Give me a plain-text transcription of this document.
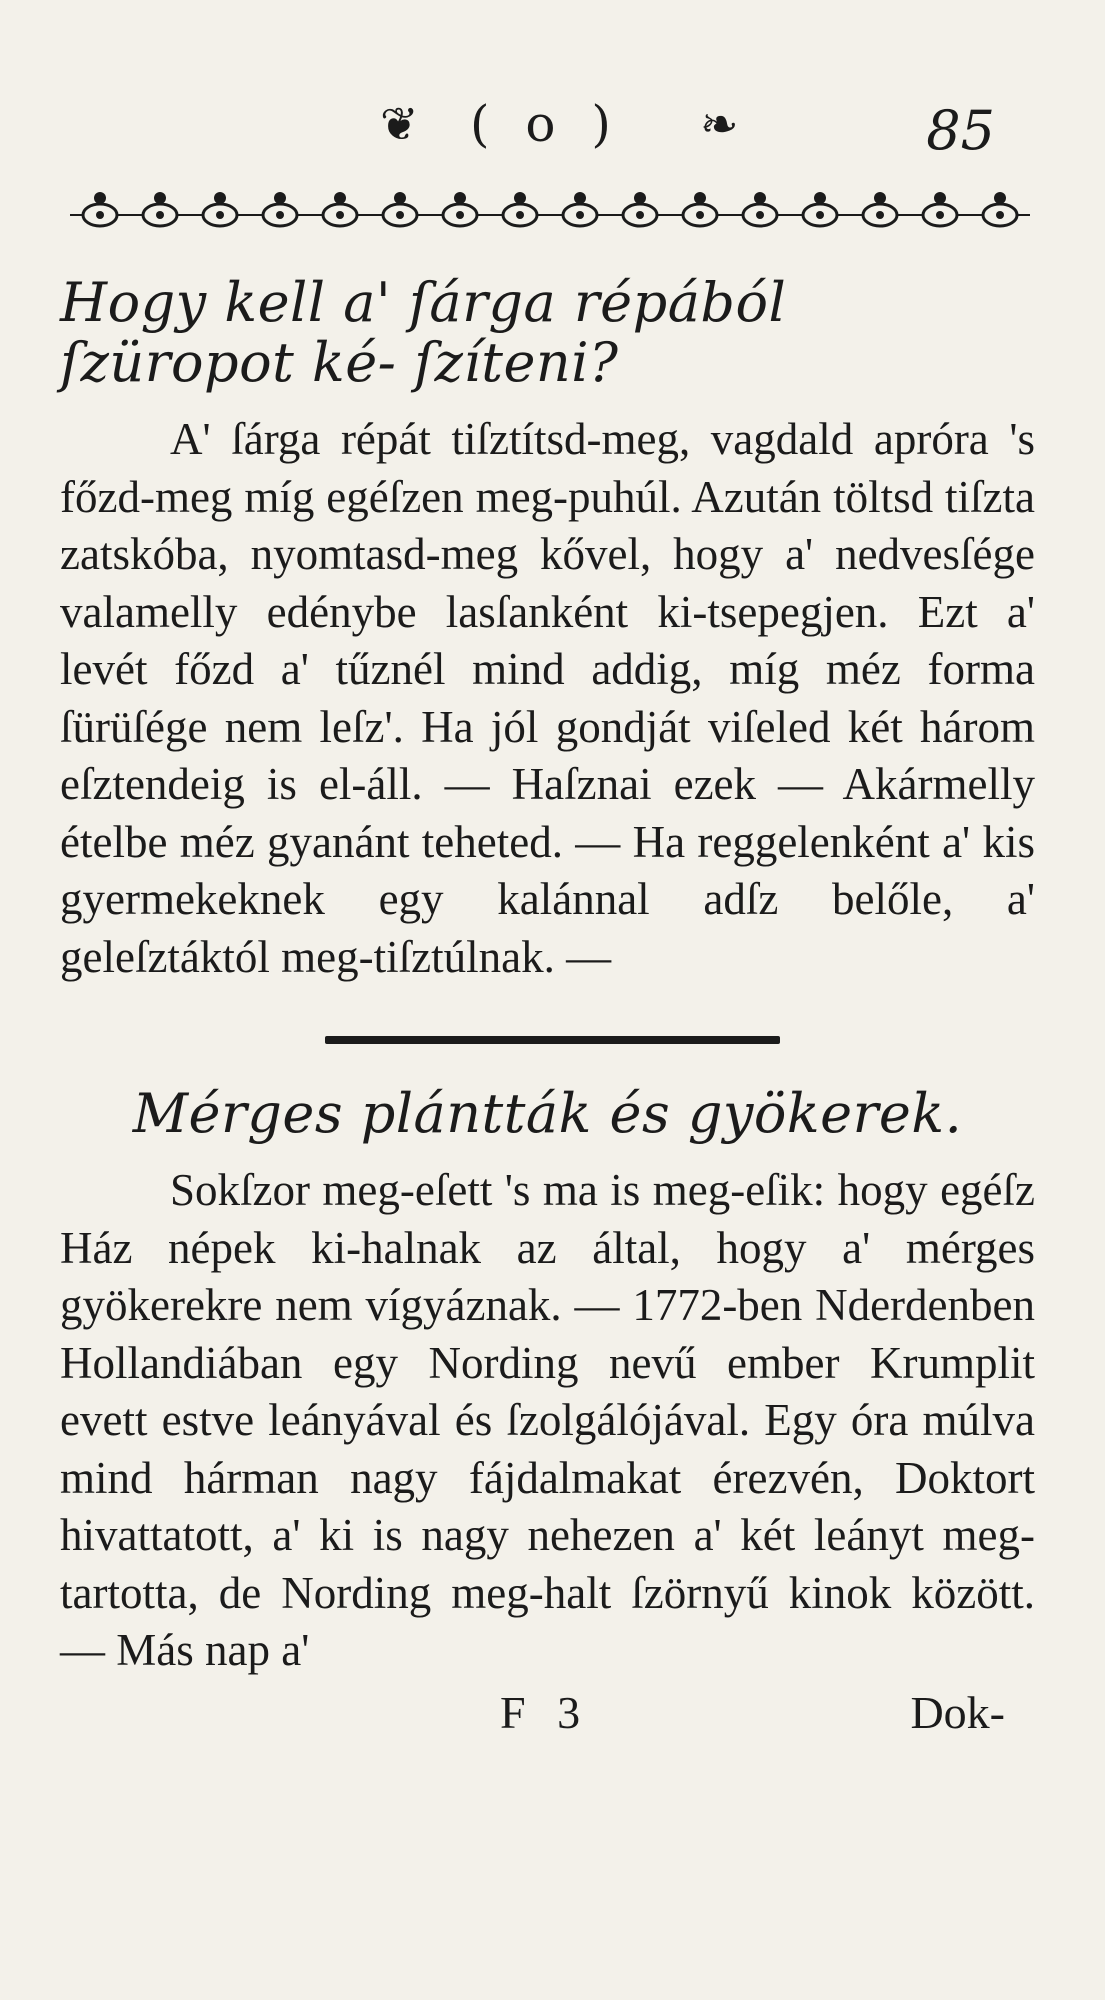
❦ ( o ) ❧	85
Hogy kell a' ſárga répából ſzüropot ké- ſzíteni?

A' ſárga répát tiſztítsd-meg, vagdald apróra 's főzd-meg míg egéſzen meg-puhúl. Azután töltsd tiſzta zatskóba, nyomtasd-meg kővel, hogy a' nedvesſége valamelly edénybe lasſanként ki-tsepegjen. Ezt a' levét főzd a' tűznél mind addig, míg méz forma ſürüſége nem leſz'. Ha jól gondját viſeled két három eſztendeig is el-áll. — Haſznai ezek — Akármelly ételbe méz gyanánt teheted. — Ha reggelenként a' kis gyermekeknek egy kalánnal adſz belőle, a' geleſztáktól meg-tiſztúlnak. —

Mérges plántták és gyökerek.

Sokſzor meg-eſett 's ma is meg-eſik: hogy egéſz Ház népek ki-halnak az által, hogy a' mérges gyökerekre nem vígyáznak. — 1772-ben Nderdenben Hollandiában egy Nording nevű ember Krumplit evett estve leányával és ſzolgálójával. Egy óra múlva mind hárman nagy fájdalmakat érezvén, Doktort hivattatott, a' ki is nagy nehezen a' két leányt meg-tartotta, de Nording meg-halt ſzörnyű kinok között. — Más nap a'

F 3	Dok-
